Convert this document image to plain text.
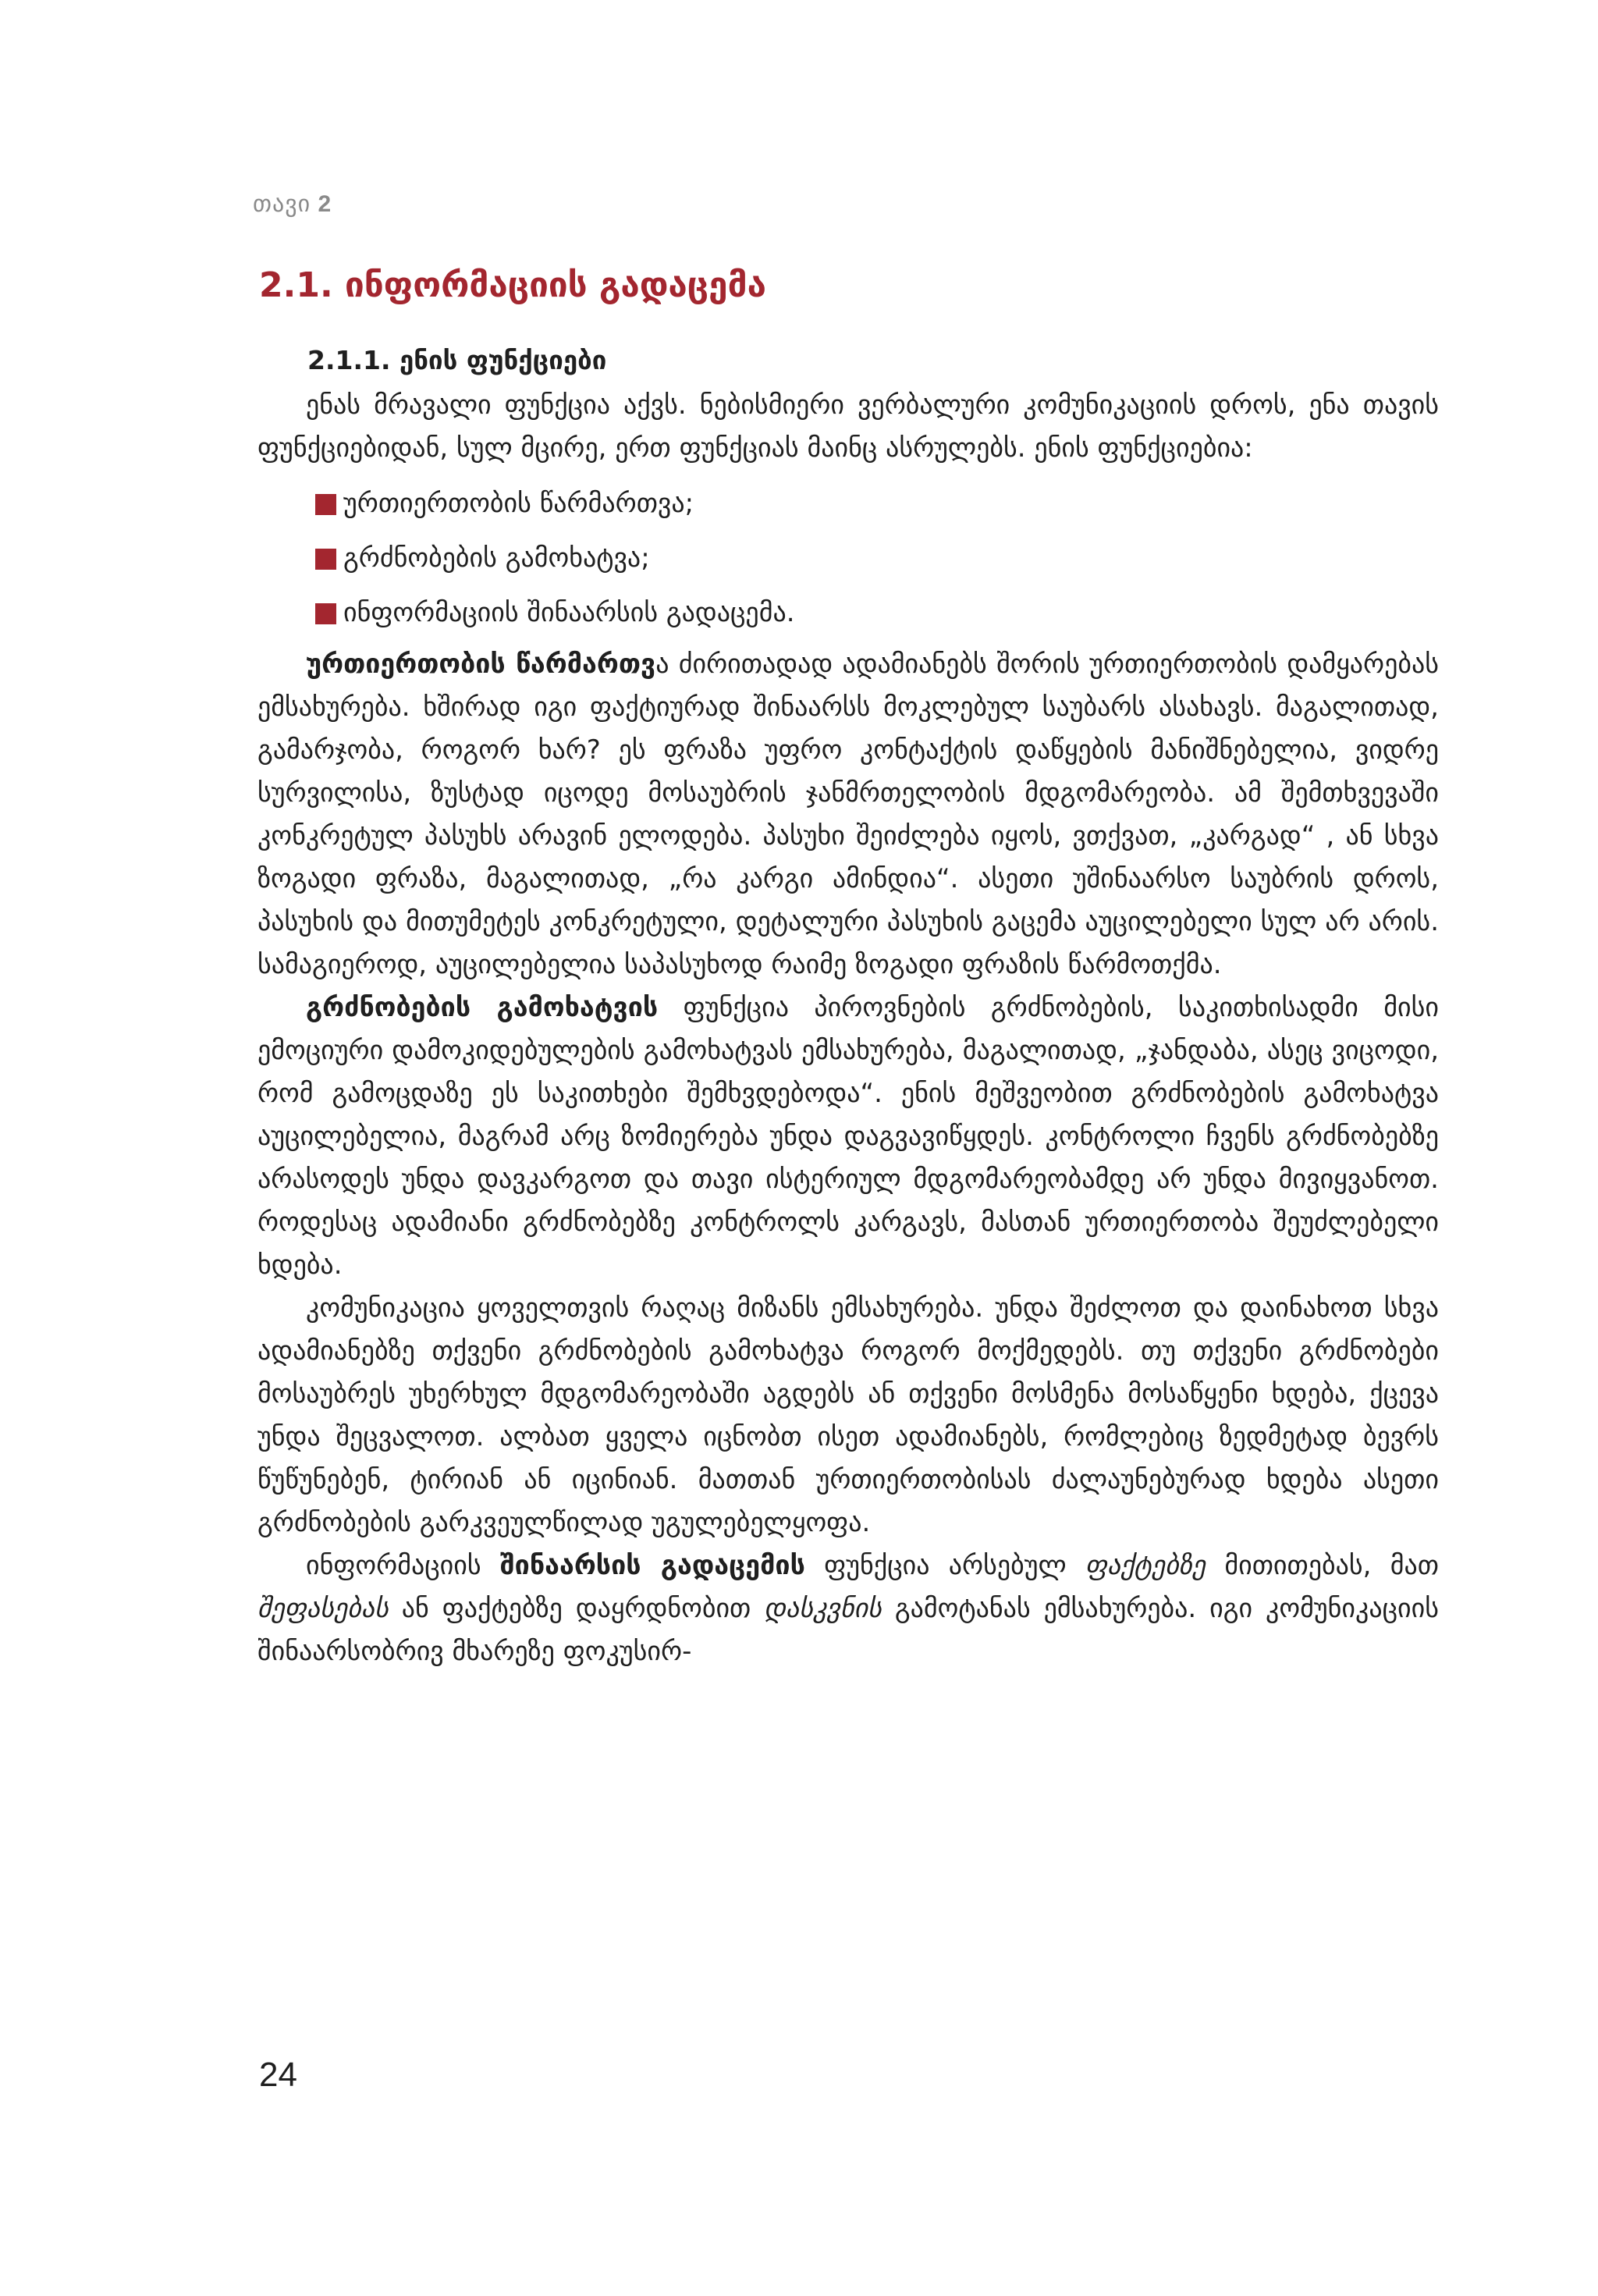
თავი 2
2.1. ინფორმაციის გადაცემა
2.1.1. ენის ფუნქციები

ენას მრავალი ფუნქცია აქვს. ნებისმიერი ვერბალური კომუნიკაციის დროს, ენა თავის ფუნქციებიდან, სულ მცირე, ერთ ფუნქციას მაინც ასრულებს. ენის ფუნქციებია:

ურთიერთობის წარმართვა;
გრძნობების გამოხატვა;
ინფორმაციის შინაარსის გადაცემა.

ურთიერთობის წარმართვა ძირითადად ადამიანებს შორის ურთიერთობის დამყარებას ემსახურება. ხშირად იგი ფაქტიურად შინაარსს მოკლებულ საუბარს ასახავს. მაგალითად, გამარჯობა, როგორ ხარ? ეს ფრაზა უფრო კონტაქტის დაწყების მანიშნებელია, ვიდრე სურვილისა, ზუსტად იცოდე მოსაუბრის ჯანმრთელობის მდგომარეობა. ამ შემთხვევაში კონკრეტულ პასუხს არავინ ელოდება. პასუხი შეიძლება იყოს, ვთქვათ, „კარგად“ , ან სხვა ზოგადი ფრაზა, მაგალითად, „რა კარგი ამინდია“. ასეთი უშინაარსო საუბრის დროს, პასუხის და მითუმეტეს კონკრეტული, დეტალური პასუხის გაცემა აუცილებელი სულ არ არის. სამაგიეროდ, აუცილებელია საპასუხოდ რაიმე ზოგადი ფრაზის წარმოთქმა.

გრძნობების გამოხატვის ფუნქცია პიროვნების გრძნობების, საკითხისადმი მისი ემოციური დამოკიდებულების გამოხატვას ემსახურება, მაგალითად, „ჯანდაბა, ასეც ვიცოდი, რომ გამოცდაზე ეს საკითხები შემხვდებოდა“. ენის მეშვეობით გრძნობების გამოხატვა აუცილებელია, მაგრამ არც ზომიერება უნდა დაგვავიწყდეს. კონტროლი ჩვენს გრძნობებზე არასოდეს უნდა დავკარგოთ და თავი ისტერიულ მდგომარეობამდე არ უნდა მივიყვანოთ. როდესაც ადამიანი გრძნობებზე კონტროლს კარგავს, მასთან ურთიერთობა შეუძლებელი ხდება.

კომუნიკაცია ყოველთვის რაღაც მიზანს ემსახურება. უნდა შეძლოთ და დაინახოთ სხვა ადამიანებზე თქვენი გრძნობების გამოხატვა როგორ მოქმედებს. თუ თქვენი გრძნობები მოსაუბრეს უხერხულ მდგომარეობაში აგდებს ან თქვენი მოსმენა მოსაწყენი ხდება, ქცევა უნდა შეცვალოთ. ალბათ ყველა იცნობთ ისეთ ადამიანებს, რომლებიც ზედმეტად ბევრს წუწუნებენ, ტირიან ან იცინიან. მათთან ურთიერთობისას ძალაუნებურად ხდება ასეთი გრძნობების გარკვეულწილად უგულებელყოფა.

ინფორმაციის შინაარსის გადაცემის ფუნქცია არსებულ ფაქტებზე მითითებას, მათ შეფასებას ან ფაქტებზე დაყრდნობით დასკვნის გამოტანას ემსახურება. იგი კომუნიკაციის შინაარსობრივ მხარეზე ფოკუსირ-

24
